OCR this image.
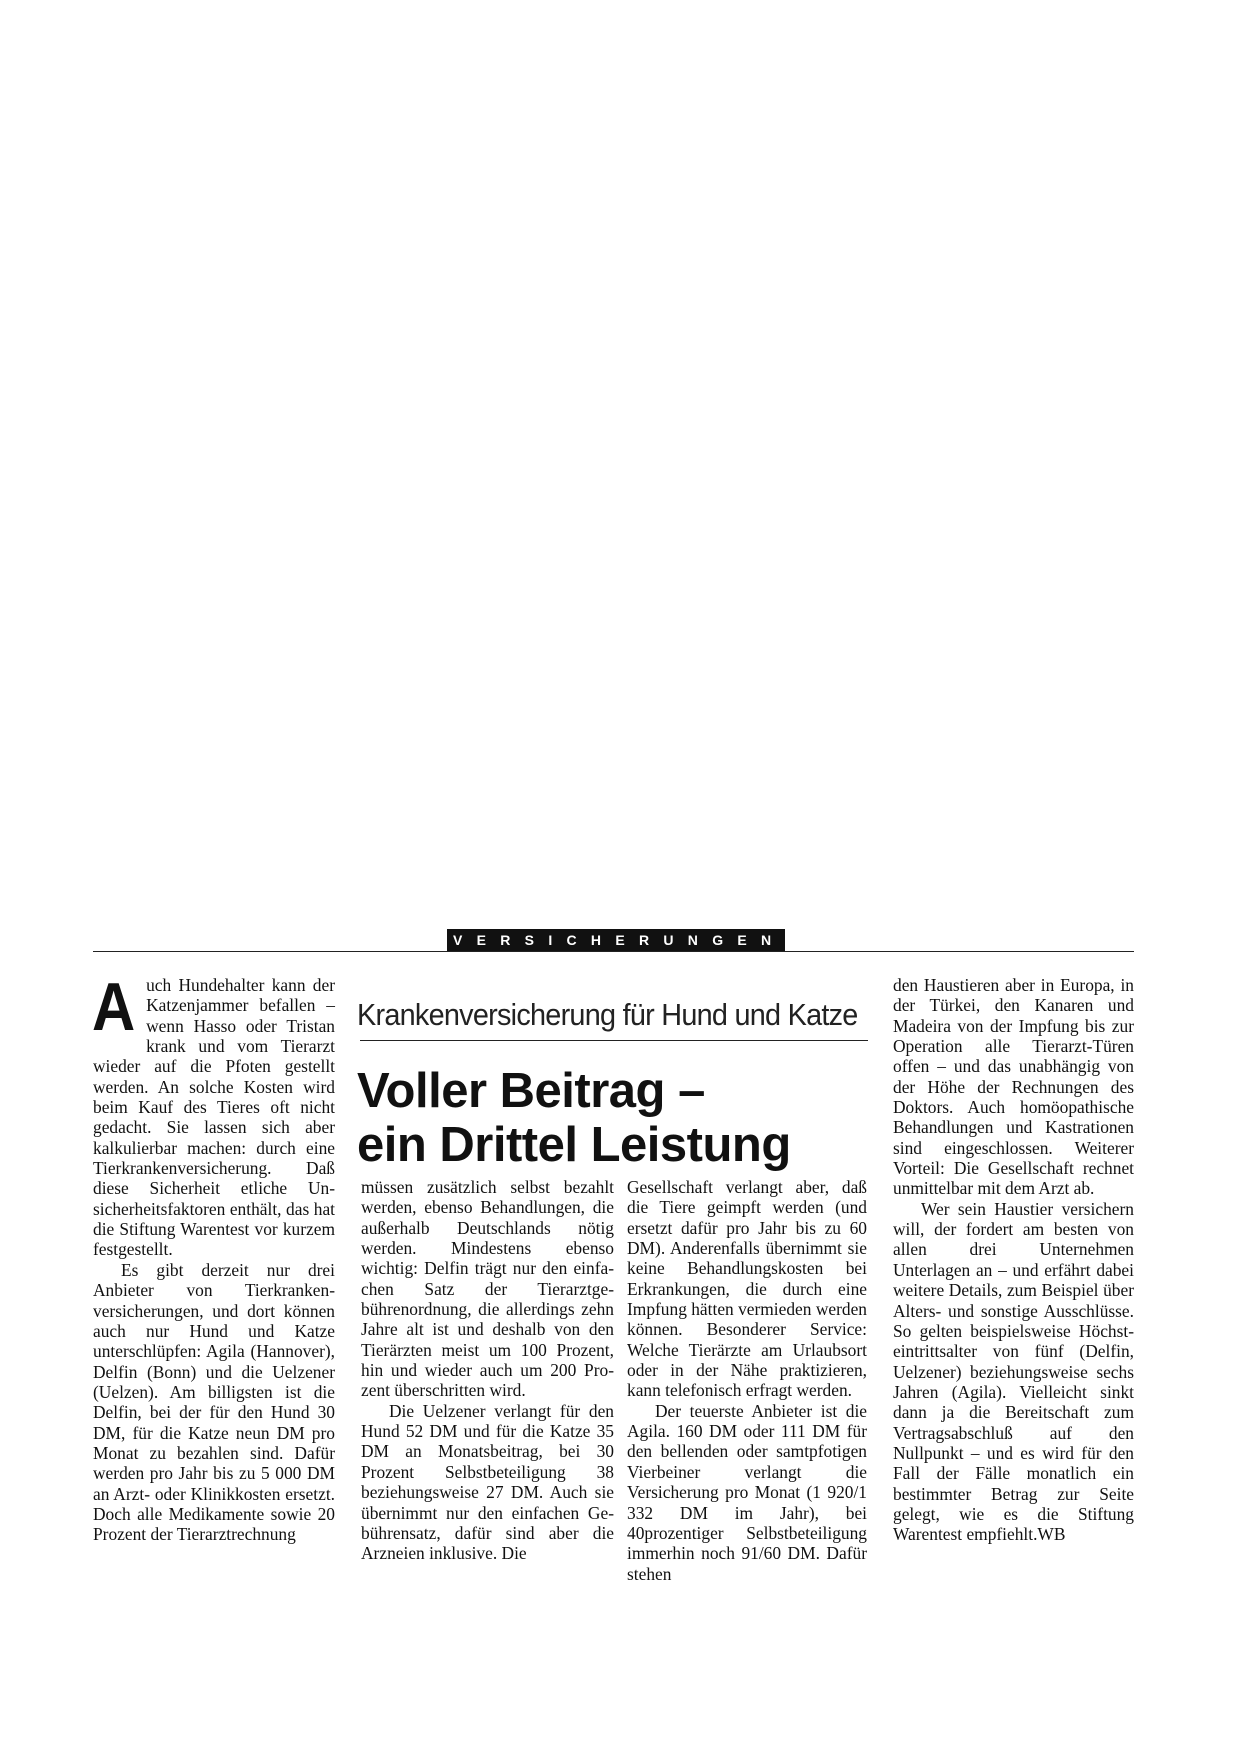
VERSICHERUNGEN

Auch Hundehalter kann der Katzenjammer befallen – wenn Hasso oder Tristan krank und vom Tierarzt wieder auf die Pfoten gestellt werden. An solche Kosten wird beim Kauf des Tieres oft nicht gedacht. Sie lassen sich aber kalkulierbar machen: durch eine Tierkrankenversicherung. Daß diese Sicherheit etliche Unsicherheitsfaktoren enthält, das hat die Stiftung Warentest vor kurzem festgestellt.

Es gibt derzeit nur drei Anbieter von Tierkrankenversicherungen, und dort können auch nur Hund und Katze unterschlüpfen: Agila (Hannover), Delfin (Bonn) und die Uelzener (Uelzen). Am billigsten ist die Delfin, bei der für den Hund 30 DM, für die Katze neun DM pro Monat zu bezahlen sind. Dafür werden pro Jahr bis zu 5 000 DM an Arzt- oder Klinikkosten ersetzt. Doch alle Medikamente sowie 20 Prozent der Tierarztrechnung

Krankenversicherung für Hund und Katze
Voller Beitrag –
ein Drittel Leistung

müssen zusätzlich selbst bezahlt werden, ebenso Behandlungen, die außerhalb Deutschlands nötig werden. Mindestens ebenso wichtig: Delfin trägt nur den einfachen Satz der Tierarztgebührenordnung, die allerdings zehn Jahre alt ist und deshalb von den Tierärzten meist um 100 Prozent, hin und wieder auch um 200 Prozent überschritten wird.

Die Uelzener verlangt für den Hund 52 DM und für die Katze 35 DM an Monatsbeitrag, bei 30 Prozent Selbstbeteiligung 38 beziehungsweise 27 DM. Auch sie übernimmt nur den einfachen Gebührensatz, dafür sind aber die Arzneien inklusive. Die

Gesellschaft verlangt aber, daß die Tiere geimpft werden (und ersetzt dafür pro Jahr bis zu 60 DM). Anderenfalls übernimmt sie keine Behandlungskosten bei Erkrankungen, die durch eine Impfung hätten vermieden werden können. Besonderer Service: Welche Tierärzte am Urlaubsort oder in der Nähe praktizieren, kann telefonisch erfragt werden.

Der teuerste Anbieter ist die Agila. 160 DM oder 111 DM für den bellenden oder samtpfotigen Vierbeiner verlangt die Versicherung pro Monat (1 920/1 332 DM im Jahr), bei 40prozentiger Selbstbeteiligung immerhin noch 91/60 DM. Dafür stehen

den Haustieren aber in Europa, in der Türkei, den Kanaren und Madeira von der Impfung bis zur Operation alle Tierarzt-Türen offen – und das unabhängig von der Höhe der Rechnungen des Doktors. Auch homöopathische Behandlungen und Kastrationen sind eingeschlossen. Weiterer Vorteil: Die Gesellschaft rechnet unmittelbar mit dem Arzt ab.

Wer sein Haustier versichern will, der fordert am besten von allen drei Unternehmen Unterlagen an – und erfährt dabei weitere Details, zum Beispiel über Alters- und sonstige Ausschlüsse. So gelten beispielsweise Höchsteintrittsalter von fünf (Delfin, Uelzener) beziehungsweise sechs Jahren (Agila). Vielleicht sinkt dann ja die Bereitschaft zum Vertragsabschluß auf den Nullpunkt – und es wird für den Fall der Fälle monatlich ein bestimmter Betrag zur Seite gelegt, wie es die Stiftung Warentest empfiehlt.WB
